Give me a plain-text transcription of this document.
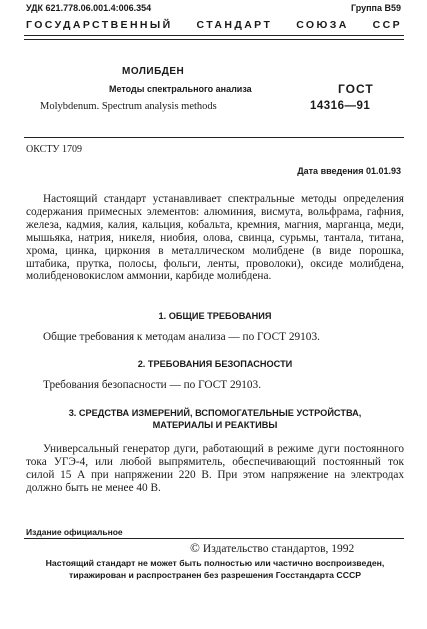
УДК 621.778.06.001.4:006.354	Группа В59
ГОСУДАРСТВЕННЫЙ СТАНДАРТ СОЮЗА ССР
МОЛИБДЕН
Методы спектрального анализа
Molybdenum. Spectrum analysis methods
ГОСТ
14316—91
ОКСТУ 1709
Дата введения 01.01.93
Настоящий стандарт устанавливает спектральные методы определения содержания примесных элементов: алюминия, висмута, вольфрама, гафния, железа, кадмия, калия, кальция, кобальта, кремния, магния, марганца, меди, мышьяка, натрия, никеля, ниобия, олова, свинца, сурьмы, тантала, титана, хрома, цинка, циркония в металлическом молибдене (в виде порошка, штабика, прутка, полосы, фольги, ленты, проволоки), оксиде молибдена, молибденовокислом аммонии, карбиде молибдена.
1. ОБЩИЕ ТРЕБОВАНИЯ
Общие требования к методам анализа — по ГОСТ 29103.
2. ТРЕБОВАНИЯ БЕЗОПАСНОСТИ
Требования безопасности — по ГОСТ 29103.
3. СРЕДСТВА ИЗМЕРЕНИЙ, ВСПОМОГАТЕЛЬНЫЕ УСТРОЙСТВА,
МАТЕРИАЛЫ И РЕАКТИВЫ
Универсальный генератор дуги, работающий в режиме дуги постоянного тока УГЭ-4, или любой выпрямитель, обеспечивающий постоянный ток силой 15 А при напряжении 220 В. При этом напряжение на электродах должно быть не менее 40 В.
Издание официальное
© Издательство стандартов, 1992
Настоящий стандарт не может быть полностью или частично воспроизведен,
тиражирован и распространен без разрешения Госстандарта СССР
